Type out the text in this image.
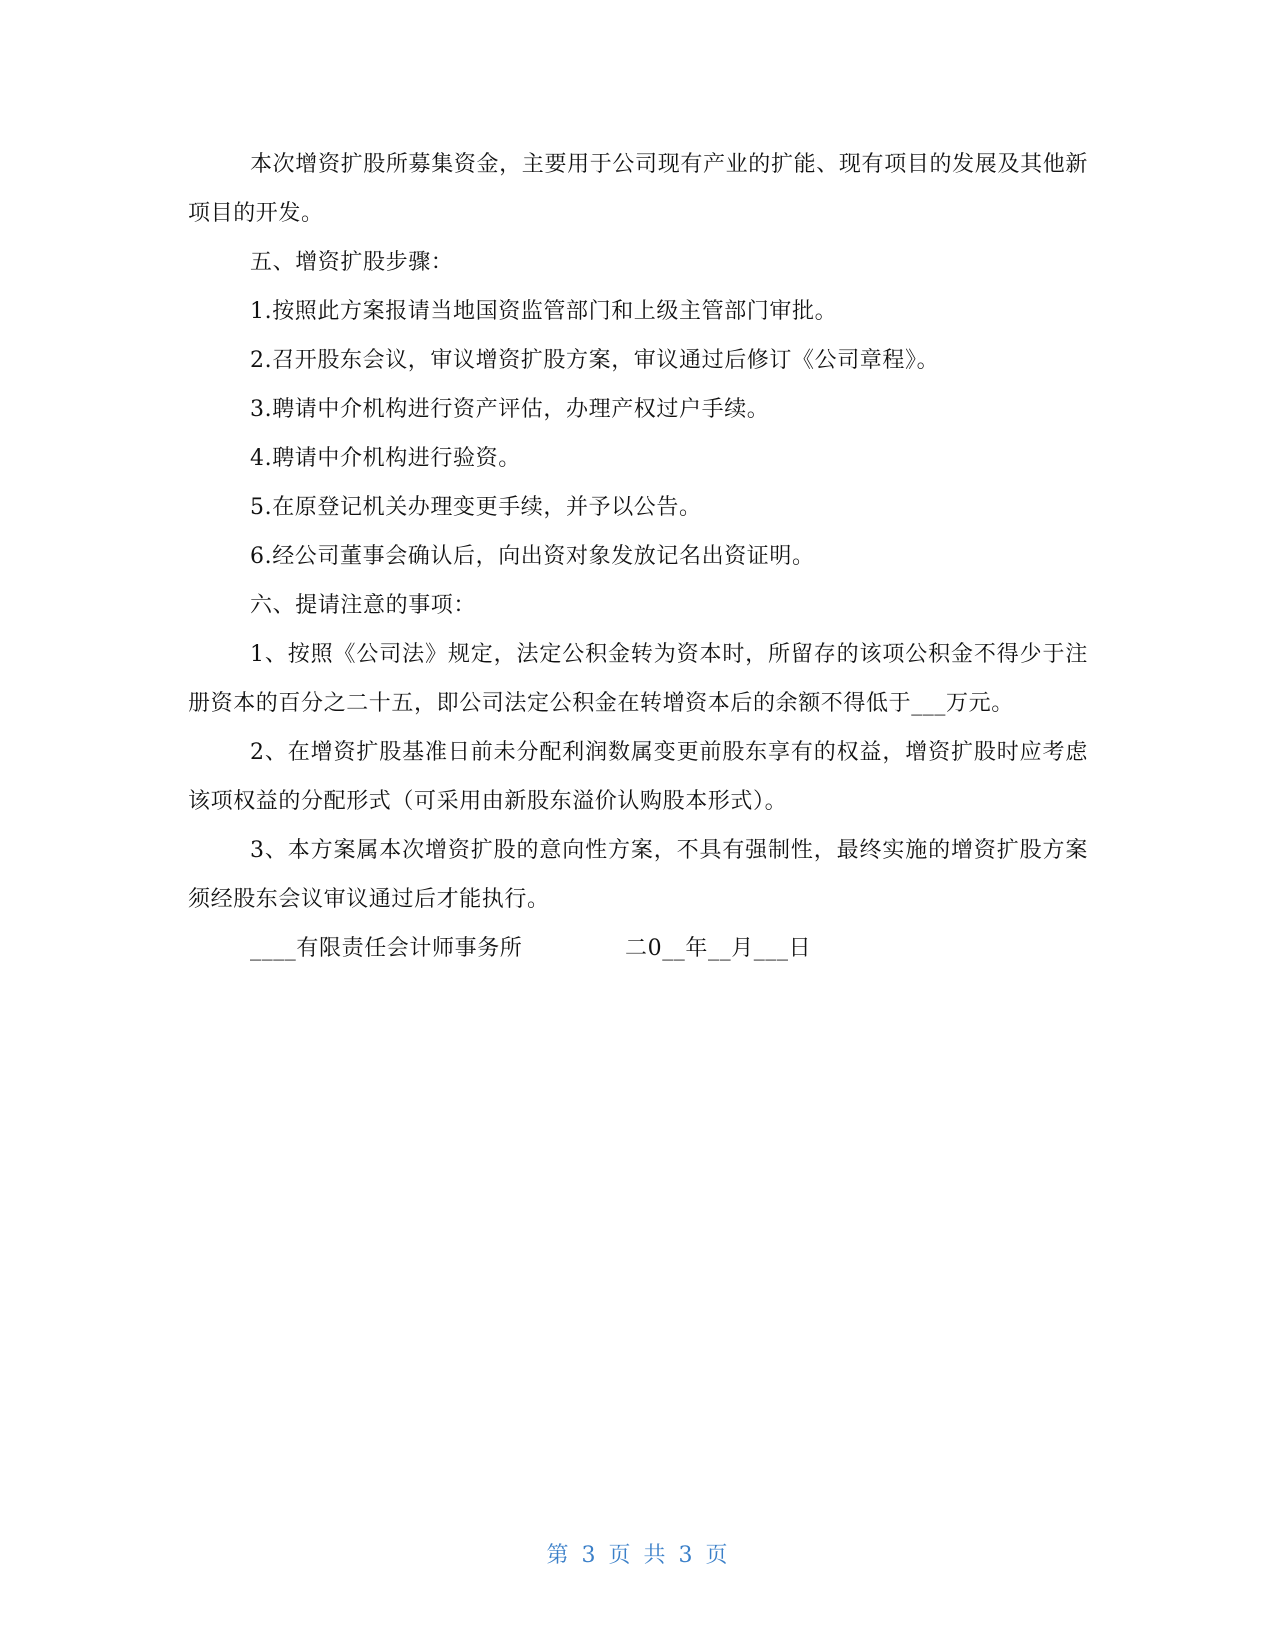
本次增资扩股所募集资金，主要用于公司现有产业的扩能、现有项目的发展及其他新项目的开发。

五、增资扩股步骤：

1.按照此方案报请当地国资监管部门和上级主管部门审批。

2.召开股东会议，审议增资扩股方案，审议通过后修订《公司章程》。

3.聘请中介机构进行资产评估，办理产权过户手续。

4.聘请中介机构进行验资。

5.在原登记机关办理变更手续，并予以公告。

6.经公司董事会确认后，向出资对象发放记名出资证明。

六、提请注意的事项：

1、按照《公司法》规定，法定公积金转为资本时，所留存的该项公积金不得少于注册资本的百分之二十五，即公司法定公积金在转增资本后的余额不得低于___万元。

2、在增资扩股基准日前未分配利润数属变更前股东享有的权益，增资扩股时应考虑该项权益的分配形式（可采用由新股东溢价认购股本形式）。

3、本方案属本次增资扩股的意向性方案，不具有强制性，最终实施的增资扩股方案须经股东会议审议通过后才能执行。

____有限责任会计师事务所	二0__年__月___日

第 3 页 共 3 页
